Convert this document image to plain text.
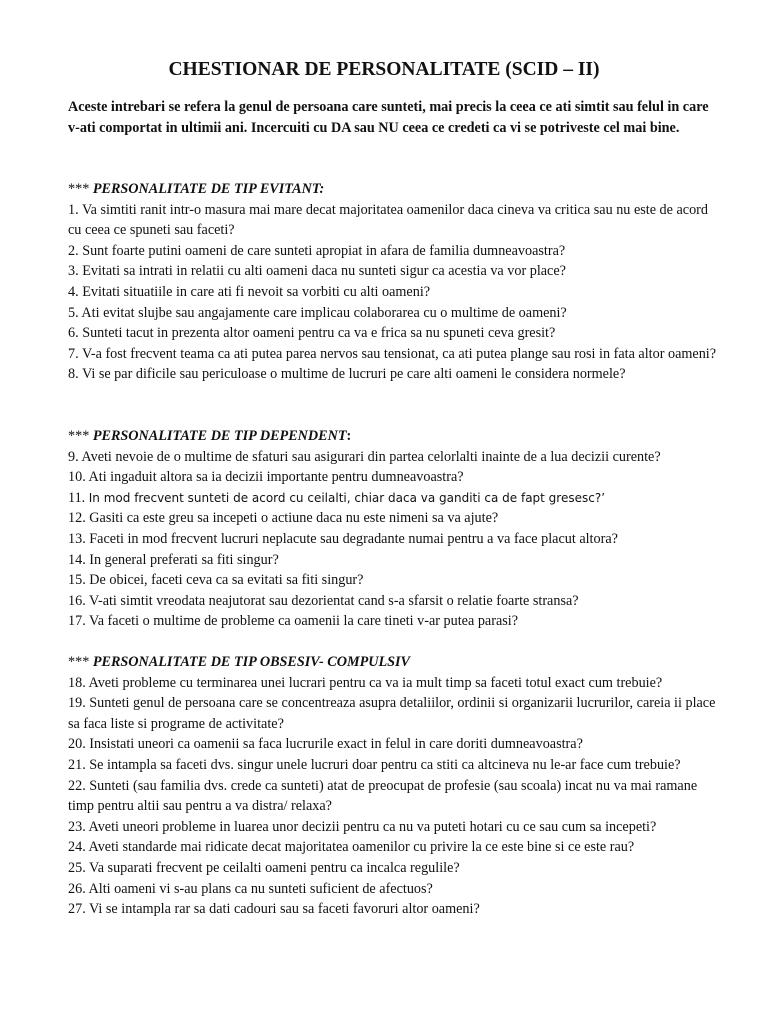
CHESTIONAR DE PERSONALITATE (SCID – II)

Aceste intrebari se refera la genul de persoana care sunteti, mai precis la ceea ce ati simtit sau felul in care v-ati comportat in ultimii ani. Incercuiti cu DA sau NU ceea ce credeti ca vi se potriveste cel mai bine.

*** PERSONALITATE DE TIP EVITANT:

1. Va simtiti ranit intr-o masura mai mare decat majoritatea oamenilor daca cineva va critica sau nu este de acord cu ceea ce spuneti sau faceti?
2. Sunt foarte putini oameni de care sunteti apropiat in afara de familia dumneavoastra?
3. Evitati sa intrati in relatii cu alti oameni daca nu sunteti sigur ca acestia va vor place?
4. Evitati situatiile in care ati fi nevoit sa vorbiti cu alti oameni?
5. Ati evitat slujbe sau angajamente care implicau colaborarea cu o multime de oameni?
6. Sunteti tacut in prezenta altor oameni pentru ca va e frica sa nu spuneti ceva gresit?
7. V-a fost frecvent teama ca ati putea parea nervos sau tensionat, ca ati putea plange sau rosi in fata altor oameni?
8. Vi se par dificile sau periculoase o multime de lucruri pe care alti oameni le considera normele?

*** PERSONALITATE DE TIP DEPENDENT:

9. Aveti nevoie de o multime de sfaturi sau asigurari din partea celorlalti inainte de a lua decizii curente?
10. Ati ingaduit altora sa ia decizii importante pentru dumneavoastra?
11. In mod frecvent sunteti de acord cu ceilalti, chiar daca va ganditi ca de fapt gresesc?’
12. Gasiti ca este greu sa incepeti o actiune daca nu este nimeni sa va ajute?
13. Faceti in mod frecvent lucruri neplacute sau degradante numai pentru a va face placut altora?
14. In general preferati sa fiti singur?
15. De obicei, faceti ceva ca sa evitati sa fiti singur?
16. V-ati simtit vreodata neajutorat sau dezorientat cand s-a sfarsit o relatie foarte stransa?
17. Va faceti o multime de probleme ca oamenii la care tineti v-ar putea parasi?

*** PERSONALITATE DE TIP OBSESIV- COMPULSIV

18. Aveti probleme cu terminarea unei lucrari pentru ca va ia mult timp sa faceti totul exact cum trebuie?
19. Sunteti genul de persoana care se concentreaza asupra detaliilor, ordinii si organizarii lucrurilor, careia ii place sa faca liste si programe de activitate?
20. Insistati uneori ca oamenii sa faca lucrurile exact in felul in care doriti dumneavoastra?
21. Se intampla sa faceti dvs. singur unele lucruri doar pentru ca stiti ca altcineva nu le-ar face cum trebuie?
22. Sunteti (sau familia dvs. crede ca sunteti) atat de preocupat de profesie (sau scoala) incat nu va mai ramane timp pentru altii sau pentru a va distra/ relaxa?
23. Aveti uneori probleme in luarea unor decizii pentru ca nu va puteti hotari cu ce sau cum sa incepeti?
24. Aveti standarde mai ridicate decat majoritatea oamenilor cu privire la ce este bine si ce este rau?
25. Va suparati frecvent pe ceilalti oameni pentru ca incalca regulile?
26. Alti oameni vi s-au plans ca nu sunteti suficient de afectuos?
27. Vi se intampla rar sa dati cadouri sau sa faceti favoruri altor oameni?
